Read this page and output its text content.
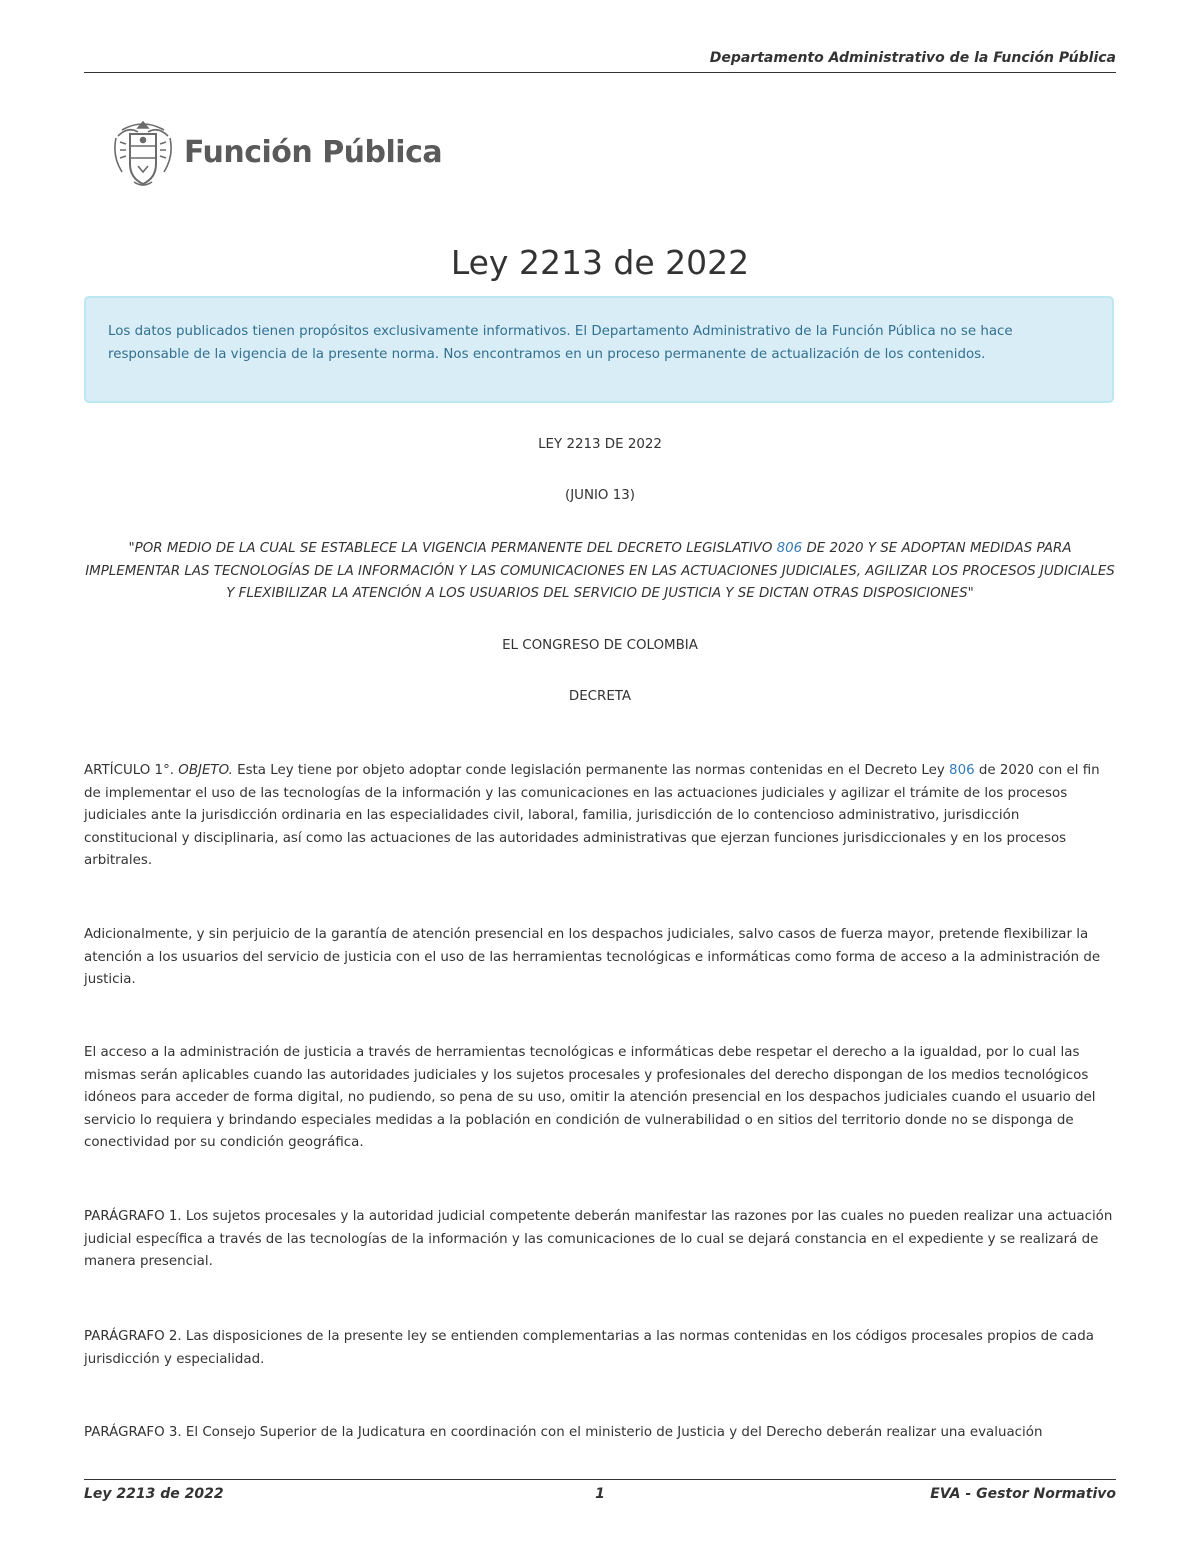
Departamento Administrativo de la Función Pública
Función Pública
Ley 2213 de 2022
Los datos publicados tienen propósitos exclusivamente informativos. El Departamento Administrativo de la Función Pública no se hace responsable de la vigencia de la presente norma. Nos encontramos en un proceso permanente de actualización de los contenidos.
LEY 2213 DE 2022
(JUNIO 13)
"POR MEDIO DE LA CUAL SE ESTABLECE LA VIGENCIA PERMANENTE DEL DECRETO LEGISLATIVO 806 DE 2020 Y SE ADOPTAN MEDIDAS PARA IMPLEMENTAR LAS TECNOLOGÍAS DE LA INFORMACIÓN Y LAS COMUNICACIONES EN LAS ACTUACIONES JUDICIALES, AGILIZAR LOS PROCESOS JUDICIALES Y FLEXIBILIZAR LA ATENCIÓN A LOS USUARIOS DEL SERVICIO DE JUSTICIA Y SE DICTAN OTRAS DISPOSICIONES"
EL CONGRESO DE COLOMBIA
DECRETA

ARTÍCULO 1°. OBJETO. Esta Ley tiene por objeto adoptar conde legislación permanente las normas contenidas en el Decreto Ley 806 de 2020 con el fin de implementar el uso de las tecnologías de la información y las comunicaciones en las actuaciones judiciales y agilizar el trámite de los procesos judiciales ante la jurisdicción ordinaria en las especialidades civil, laboral, familia, jurisdicción de lo contencioso administrativo, jurisdicción constitucional y disciplinaria, así como las actuaciones de las autoridades administrativas que ejerzan funciones jurisdiccionales y en los procesos arbitrales.

Adicionalmente, y sin perjuicio de la garantía de atención presencial en los despachos judiciales, salvo casos de fuerza mayor, pretende flexibilizar la atención a los usuarios del servicio de justicia con el uso de las herramientas tecnológicas e informáticas como forma de acceso a la administración de justicia.

El acceso a la administración de justicia a través de herramientas tecnológicas e informáticas debe respetar el derecho a la igualdad, por lo cual las mismas serán aplicables cuando las autoridades judiciales y los sujetos procesales y profesionales del derecho dispongan de los medios tecnológicos idóneos para acceder de forma digital, no pudiendo, so pena de su uso, omitir la atención presencial en los despachos judiciales cuando el usuario del servicio lo requiera y brindando especiales medidas a la población en condición de vulnerabilidad o en sitios del territorio donde no se disponga de conectividad por su condición geográfica.

PARÁGRAFO 1. Los sujetos procesales y la autoridad judicial competente deberán manifestar las razones por las cuales no pueden realizar una actuación judicial específica a través de las tecnologías de la información y las comunicaciones de lo cual se dejará constancia en el expediente y se realizará de manera presencial.

PARÁGRAFO 2. Las disposiciones de la presente ley se entienden complementarias a las normas contenidas en los códigos procesales propios de cada jurisdicción y especialidad.

PARÁGRAFO 3. El Consejo Superior de la Judicatura en coordinación con el ministerio de Justicia y del Derecho deberán realizar una evaluación

Ley 2213 de 2022	1	EVA - Gestor Normativo
